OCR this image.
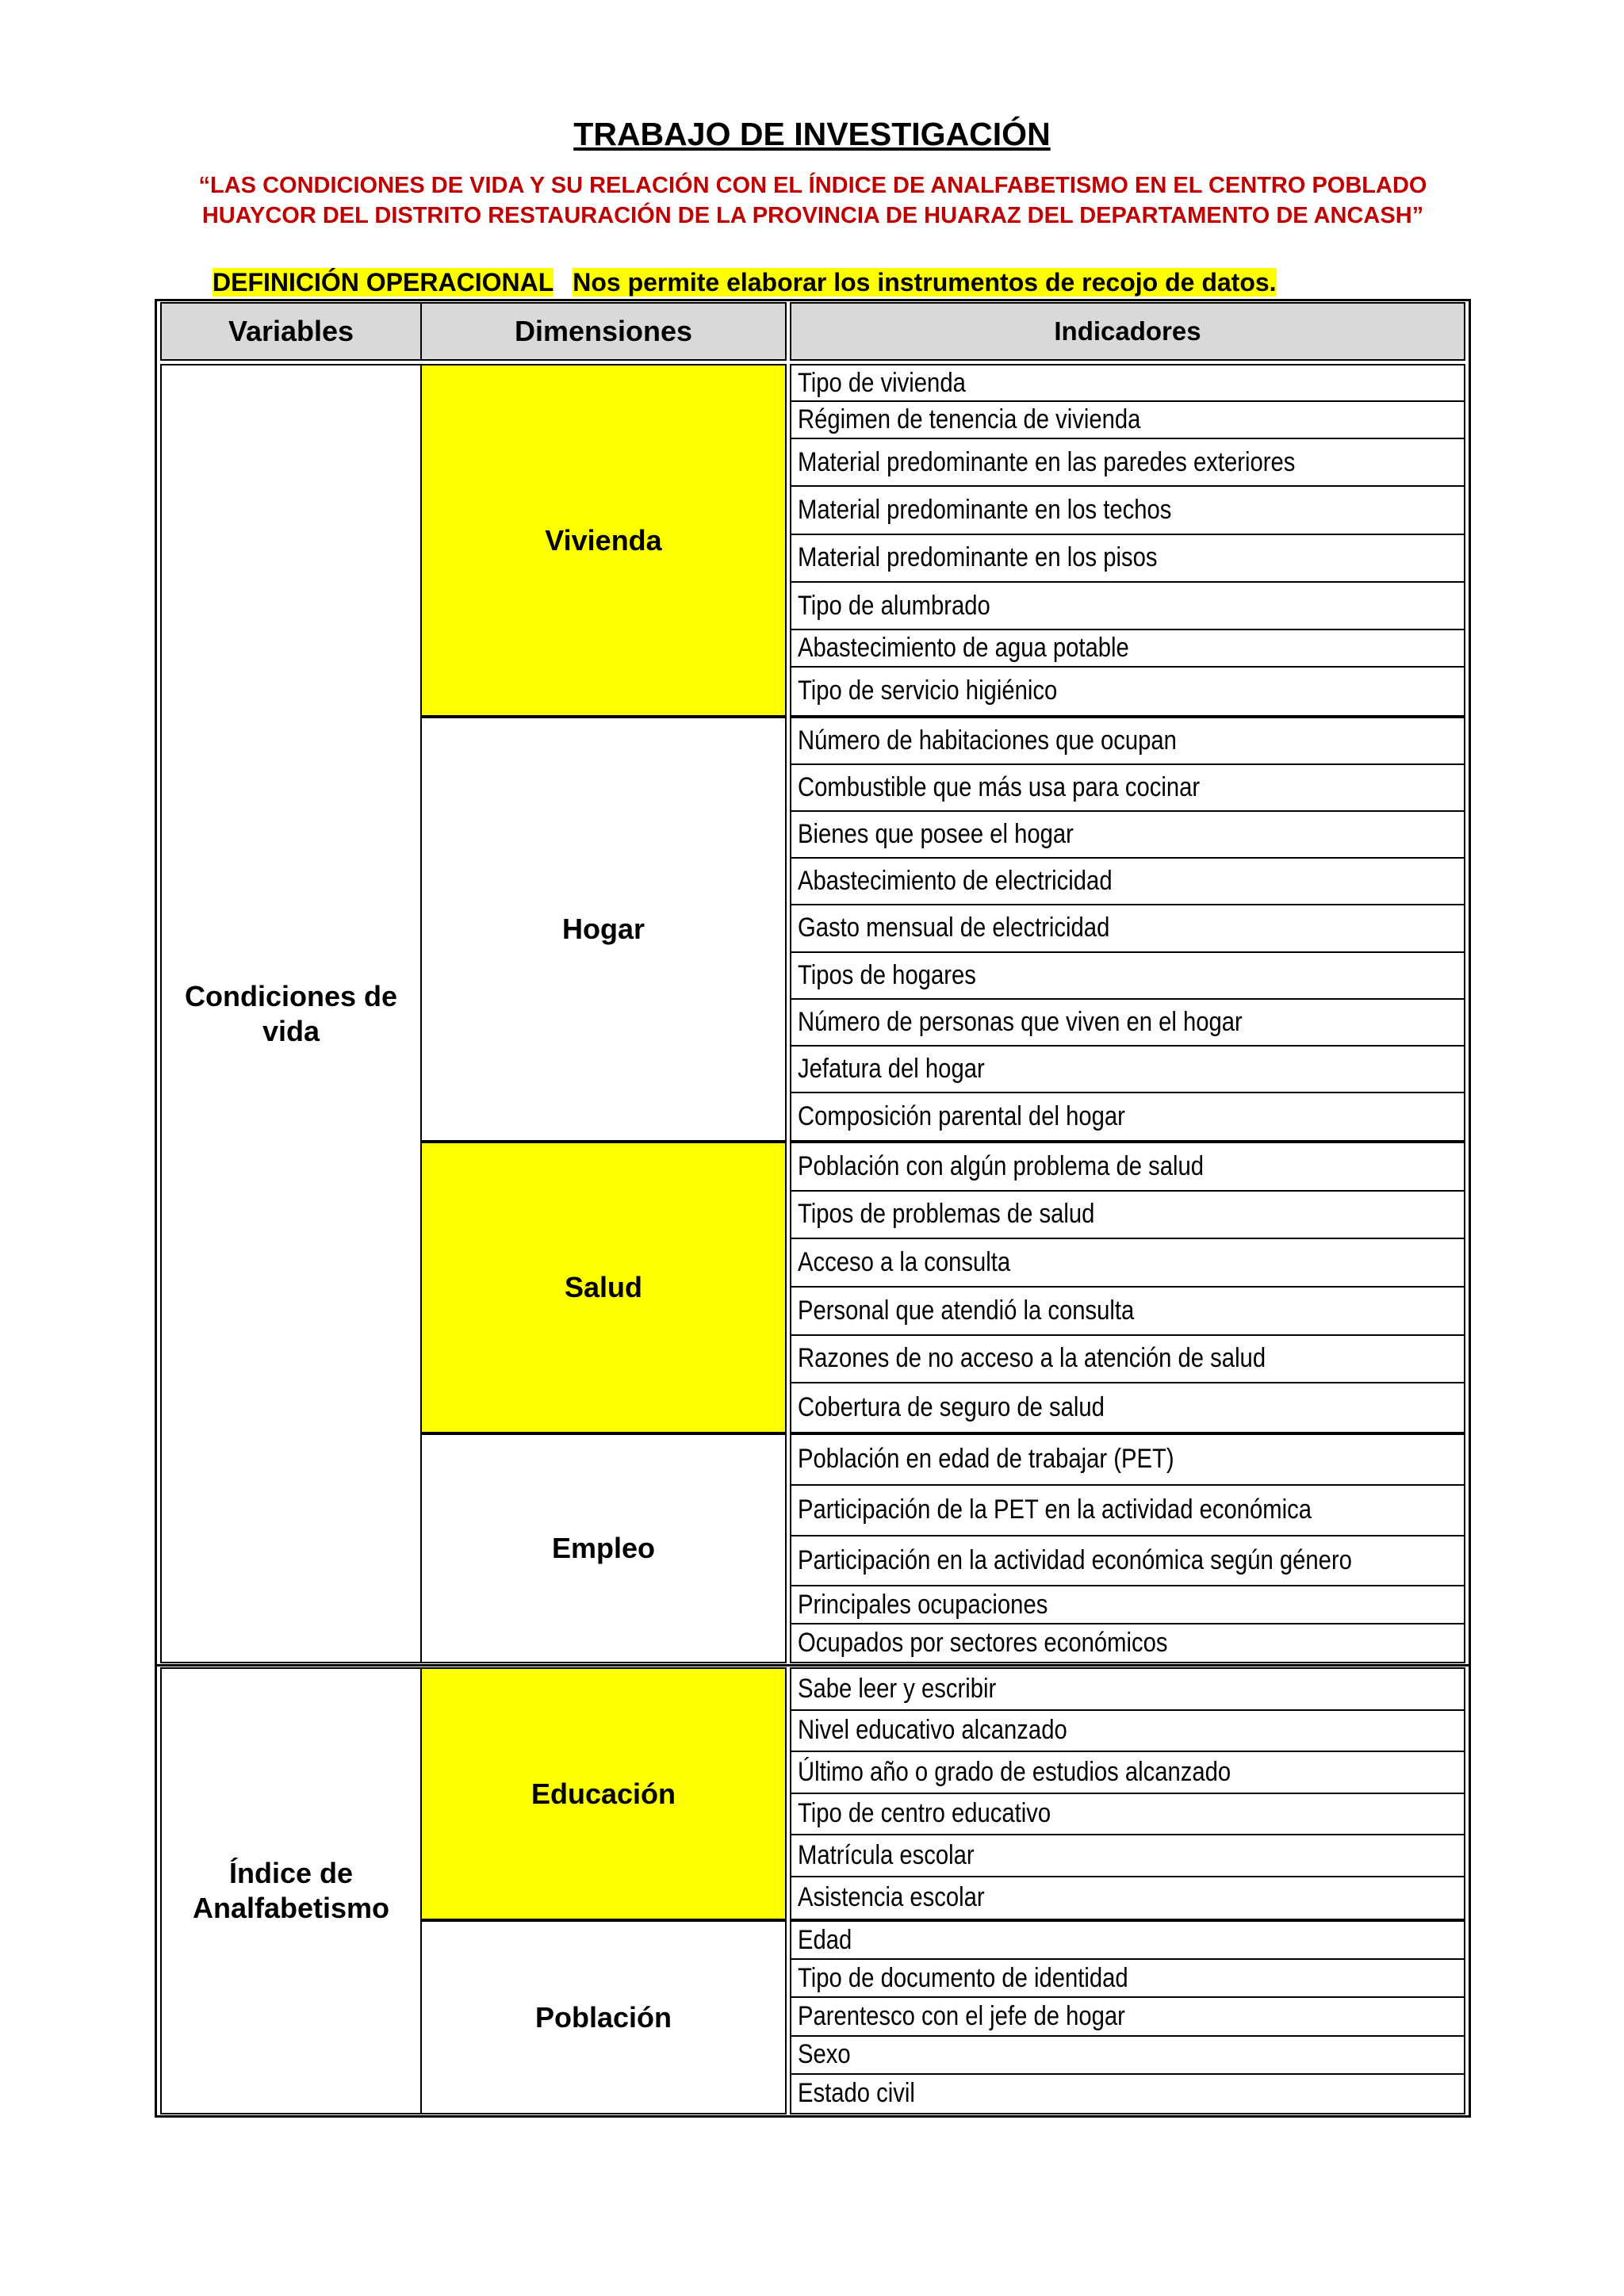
TRABAJO DE INVESTIGACIÓN
“LAS CONDICIONES DE VIDA Y SU RELACIÓN CON EL ÍNDICE DE ANALFABETISMO EN EL CENTRO POBLADO
HUAYCOR DEL DISTRITO RESTAURACIÓN DE LA PROVINCIA DE HUARAZ DEL DEPARTAMENTO DE ANCASH”
DEFINICIÓN OPERACIONAL Nos permite elaborar los instrumentos de recojo de datos.
Variables	Dimensiones	Indicadores
Condiciones de vida
Vivienda
Tipo de vivienda
Régimen de tenencia de vivienda
Material predominante en las paredes exteriores
Material predominante en los techos
Material predominante en los pisos
Tipo de alumbrado
Abastecimiento de agua potable
Tipo de servicio higiénico
Hogar
Número de habitaciones que ocupan
Combustible que más usa para cocinar
Bienes que posee el hogar
Abastecimiento de electricidad
Gasto mensual de electricidad
Tipos de hogares
Número de personas que viven en el hogar
Jefatura del hogar
Composición parental del hogar
Salud
Población con algún problema de salud
Tipos de problemas de salud
Acceso a la consulta
Personal que atendió la consulta
Razones de no acceso a la atención de salud
Cobertura de seguro de salud
Empleo
Población en edad de trabajar (PET)
Participación de la PET en la actividad económica
Participación en la actividad económica según género
Principales ocupaciones
Ocupados por sectores económicos
Índice de Analfabetismo
Educación
Sabe leer y escribir
Nivel educativo alcanzado
Último año o grado de estudios alcanzado
Tipo de centro educativo
Matrícula escolar
Asistencia escolar
Población
Edad
Tipo de documento de identidad
Parentesco con el jefe de hogar
Sexo
Estado civil
